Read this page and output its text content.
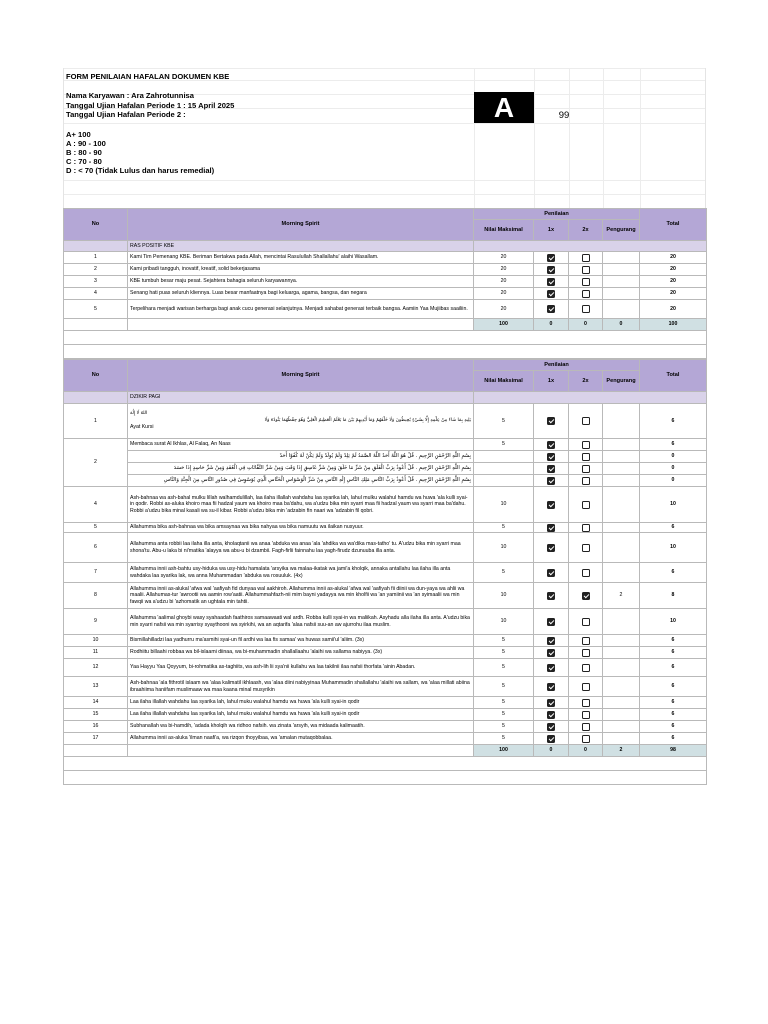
FORM PENILAIAN HAFALAN DOKUMEN KBE
Nama Karyawan : Ara Zahrotunnisa
Tanggal Ujian Hafalan Periode 1 : 15 April 2025
Tanggal Ujian Hafalan Periode 2 :
A+ 100
A : 90 - 100
B : 80 - 90
C : 70 - 80
D : < 70 (Tidak Lulus dan harus remedial)
A	99
No	Morning Spirit	Penilaian				Total
		Nilai Maksimal	1x	2x	Pengurang	
	RAS POSITIF KBE					
1	Kami Tim Pemenang KBE. Beriman Bertakwa pada Allah, mencintai Rasulullah Shallallahu' alaihi Wasallam.	20				20
2	Kami pribadi tangguh, inovatif, kreatif, solid bekerjasama	20				20
3	KBE tumbuh besar maju pesat. Sejahtera bahagia seluruh karyawannya.	20				20
4	Senang hati puas seluruh kliennya. Luas besar manfaatnya bagi keluarga, agama, bangsa, dan negara	20				20
5	Terpelihara menjadi warisan berharga bagi anak cucu generasi selanjutnya. Menjadi sahabat generasi terbaik bangsa. Aamiin Yaa Mujiibas saailiin.	20				20
		100	0	0	0	100

No	Morning Spirit	Penilaian				Total
		Nilai Maksimal	1x	2x	Pengurang	
	DZIKIR PAGI					
1	اللهُ لَا إِلَٰهَ
يَلِيهِ بِمَا شَاءَ مِنْ عِلْمِهِ إِلَّا بِشَيْءٍ يُحِيطُونَ وَلَا خَلْفَهُمْ وَمَا أَيْدِيهِمْ بَيْنَ مَا يَعْلَمُ الْعَظِيمُ الْعَلِيُّ وَهُوَ حِفْظُهُمَا يَئُودُهُ وَلَا
Ayat Kursi	5				6
2	Membaca surat Al Ikhlas, Al Falaq, An Naas	5				6
	بِسْمِ اللَّهِ الرَّحْمَٰنِ الرَّحِيمِ . قُلْ هُوَ اللَّهُ أَحَدٌ اللَّهُ الصَّمَدُ لَمْ يَلِدْ وَلَمْ يُولَدْ وَلَمْ يَكُنْ لَهُ كُفُوًا أَحَدٌ					0
	بِسْمِ اللَّهِ الرَّحْمَٰنِ الرَّحِيمِ . قُلْ أَعُوذُ بِرَبِّ الْفَلَقِ مِنْ شَرِّ مَا خَلَقَ وَمِنْ شَرِّ غَاسِقٍ إِذَا وَقَبَ وَمِنْ شَرِّ النَّفَّاثَاتِ فِي الْعُقَدِ وَمِنْ شَرِّ حَاسِدٍ إِذَا حَسَدَ					0
	بِسْمِ اللَّهِ الرَّحْمَٰنِ الرَّحِيمِ . قُلْ أَعُوذُ بِرَبِّ النَّاسِ مَلِكِ النَّاسِ إِلَٰهِ النَّاسِ مِنْ شَرِّ الْوَسْوَاسِ الْخَنَّاسِ الَّذِي يُوَسْوِسُ فِي صُدُورِ النَّاسِ مِنَ الْجِنَّةِ وَالنَّاسِ					0
4	Ash-bahnaa wa ash-bahal mulku lillah walhamdulillah, laa ilaha illallah wahdahu laa syarika lah, lahul mulku walahul hamdu wa huwa 'ala kulli syai-in qodir. Robbi as-aluka khoiro maa fii hadzal yaum wa khoiro maa ba'dahu, wa a'udzu bika min syarri maa fii hadzal yaum wa syarri maa ba'dahu. Robbi a'udzu bika minal kasali wa su-il kibar. Robbi a'udzu bika min 'adzabin fin naari wa 'adzabin fil qobri.	10				10
5	Allahumma bika ash-bahnaa wa bika amsaynaa wa bika nahyaa wa bika namuutu wa ilaikan nusyuur.	5				6
6	Allahumma anta robbii laa ilaha illa anta, kholaqtanii wa anaa 'abduka wa anaa 'ala 'ahdika wa wa'dika mas-tatho' tu. A'udzu bika min syarri maa shona'tu. Abu-u laka bi ni'matika 'alayya wa abu-u bi dzambii. Fagh-firlii fainnahu laa yagh-firudz dzunuuba illa anta.	10				10
7	Allahumma innii ash-bahtu usy-hiduka wa usy-hidu hamalata 'arsyika wa malaa-ikatak wa jami'a kholqik, annaka antallahu laa ilaha illa anta wahdaka laa syarika lak, wa anna Muhammadan 'abduka wa rosuuluk. (4x)	5				6
8	Allahumma innii as-alukal 'afwa wal 'aafiyah fid dunyaa wal aakhiroh. Allahumma innii as-alukal 'afwa wal 'aafiyah fii diinii wa dun-yaya wa ahlii wa maalii. Allahumas-tur 'awrootii wa aamin row'aatii. Allahummahfazh-nii mim bayni yadayya wa min kholfii wa 'an yamiinii wa 'an syimaalii wa min fawqii wa a'udzu bi 'azhomatik an ughtala min tahtii.	10			2	8
9	Allahumma 'aalimal ghoybi wasy syahaadah faathiros samaawaati wal ardh. Robba kulli syai-in wa maliikah. Asyhadu alla ilaha illa anta. A'udzu bika min syarri nafsii wa min syarrisy syaythooni wa syirkihi, wa an aqtarifa 'alaa nafsii suu-an aw ajurrohu ilaa muslim.	10				10
10	Bismillahilladzi laa yadhurru ma'asmihi syai-un fil ardhi wa laa fis samaa' wa huwas samii'ul 'aliim. (3x)	5				6
11	Rodhiitu billaahi robbaa wa bil-islaami diinaa, wa bi-muhammadin shallallaahu 'alaihi wa sallama nabiyya. (3x)	5				6
12	Yaa Hayyu Yaa Qoyyum, bi-rohmatika as-taghiits, wa ash-lih lii sya'nii kullahu wa laa takilnii ilaa nafsii thorfata 'ainin Abadan.	5				6
13	Ash-bahnaa 'ala fithrotil islaam wa 'alaa kalimatil ikhlaash, wa 'alaa diini nabiyyinaa Muhammadin shallallahu 'alaihi wa sallam, wa 'alaa millati abiina ibraahiima haniifam muslimaaw wa maa kaana minal musyrikin	5				6
14	Laa ilaha illallah wahdahu laa syarika lah, lahul muku walahul hamdu wa huwa 'ala kulli syai-in qodir	5				6
15	Laa ilaha illallah wahdahu laa syarika lah, lahul muku walahul hamdu wa huwa 'ala kulli syai-in qodir	5				6
16	Subhanallah wa bi-hamdih, 'adada kholqih wa ridhoo nafsih. wa zinata 'arsyih, wa midaada kalimaatih.	5				6
17	Allahumma innii as-aluka 'ilman naafi'a, wa rizqon thoyyibaa, wa 'amalan mutaqobbalaa.	5				6
		100	0	0	2	98
